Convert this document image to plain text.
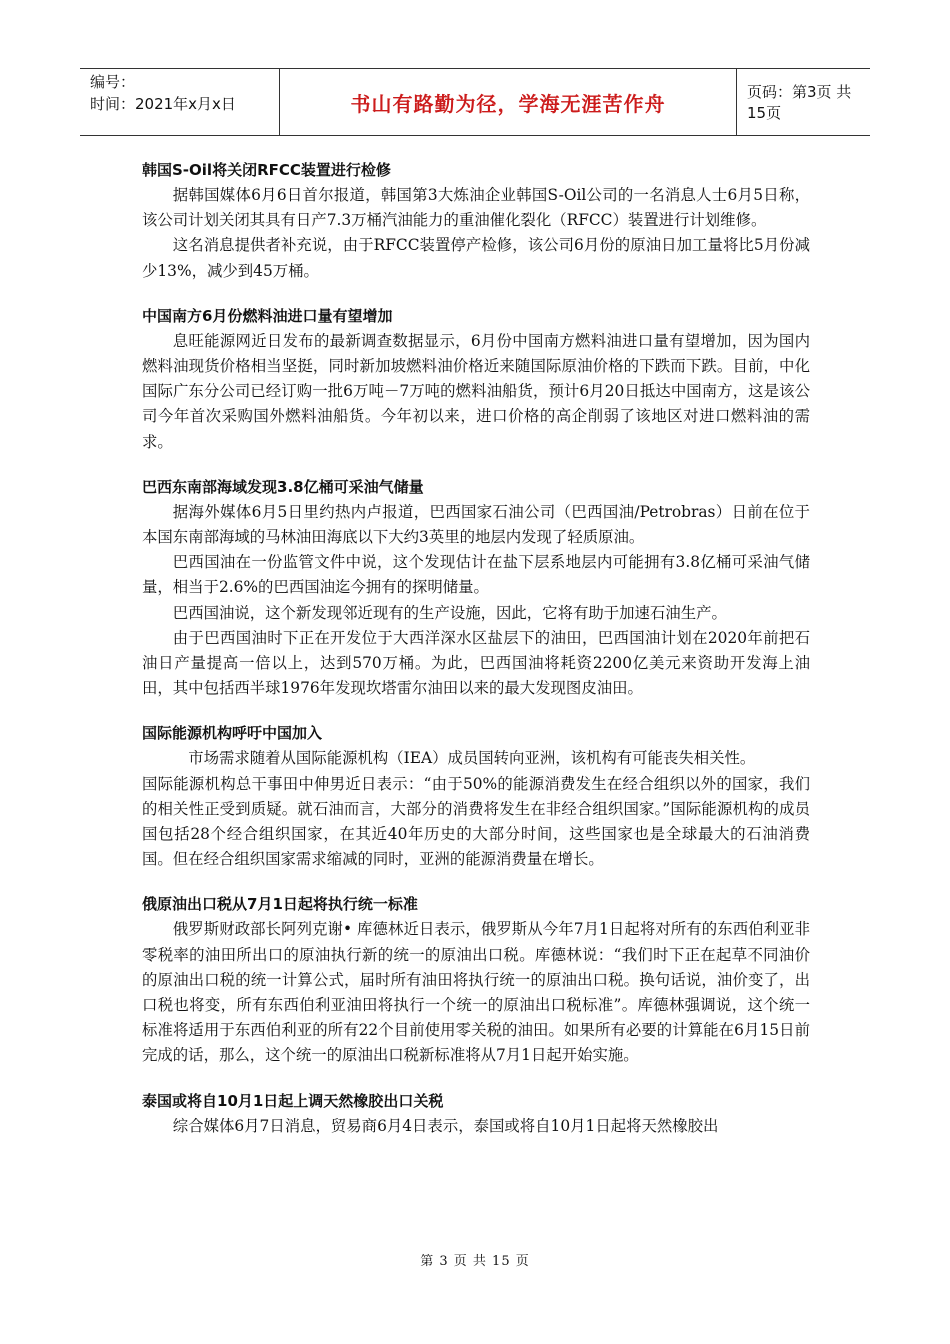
编号：
时间：2021年x月x日	书山有路勤为径，学海无涯苦作舟	页码：第3页 共15页
韩国S-Oil将关闭RFCC装置进行检修

据韩国媒体6月6日首尔报道，韩国第3大炼油企业韩国S-Oil公司的一名消息人士6月5日称，该公司计划关闭其具有日产7.3万桶汽油能力的重油催化裂化（RFCC）装置进行计划维修。

这名消息提供者补充说，由于RFCC装置停产检修，该公司6月份的原油日加工量将比5月份减少13%，减少到45万桶。

中国南方6月份燃料油进口量有望增加

息旺能源网近日发布的最新调查数据显示，6月份中国南方燃料油进口量有望增加，因为国内燃料油现货价格相当坚挺，同时新加坡燃料油价格近来随国际原油价格的下跌而下跌。目前，中化国际广东分公司已经订购一批6万吨－7万吨的燃料油船货，预计6月20日抵达中国南方，这是该公司今年首次采购国外燃料油船货。今年初以来，进口价格的高企削弱了该地区对进口燃料油的需求。

巴西东南部海域发现3.8亿桶可采油气储量

据海外媒体6月5日里约热内卢报道，巴西国家石油公司（巴西国油/Petrobras）日前在位于本国东南部海域的马林油田海底以下大约3英里的地层内发现了轻质原油。

巴西国油在一份监管文件中说，这个发现估计在盐下层系地层内可能拥有3.8亿桶可采油气储量，相当于2.6%的巴西国油迄今拥有的探明储量。

巴西国油说，这个新发现邻近现有的生产设施，因此，它将有助于加速石油生产。

由于巴西国油时下正在开发位于大西洋深水区盐层下的油田，巴西国油计划在2020年前把石油日产量提高一倍以上，达到570万桶。为此，巴西国油将耗资2200亿美元来资助开发海上油田，其中包括西半球1976年发现坎塔雷尔油田以来的最大发现图皮油田。

国际能源机构呼吁中国加入

市场需求随着从国际能源机构（IEA）成员国转向亚洲，该机构有可能丧失相关性。

国际能源机构总干事田中伸男近日表示：“由于50%的能源消费发生在经合组织以外的国家，我们的相关性正受到质疑。就石油而言，大部分的消费将发生在非经合组织国家。”国际能源机构的成员国包括28个经合组织国家，在其近40年历史的大部分时间，这些国家也是全球最大的石油消费国。但在经合组织国家需求缩减的同时，亚洲的能源消费量在增长。

俄原油出口税从7月1日起将执行统一标准

俄罗斯财政部长阿列克谢• 库德林近日表示，俄罗斯从今年7月1日起将对所有的东西伯利亚非零税率的油田所出口的原油执行新的统一的原油出口税。库德林说：“我们时下正在起草不同油价的原油出口税的统一计算公式，届时所有油田将执行统一的原油出口税。换句话说，油价变了，出口税也将变，所有东西伯利亚油田将执行一个统一的原油出口税标准”。库德林强调说，这个统一标准将适用于东西伯利亚的所有22个目前使用零关税的油田。如果所有必要的计算能在6月15日前完成的话，那么，这个统一的原油出口税新标准将从7月1日起开始实施。

泰国或将自10月1日起上调天然橡胶出口关税

综合媒体6月7日消息，贸易商6月4日表示，泰国或将自10月1日起将天然橡胶出

第 3 页 共 15 页
